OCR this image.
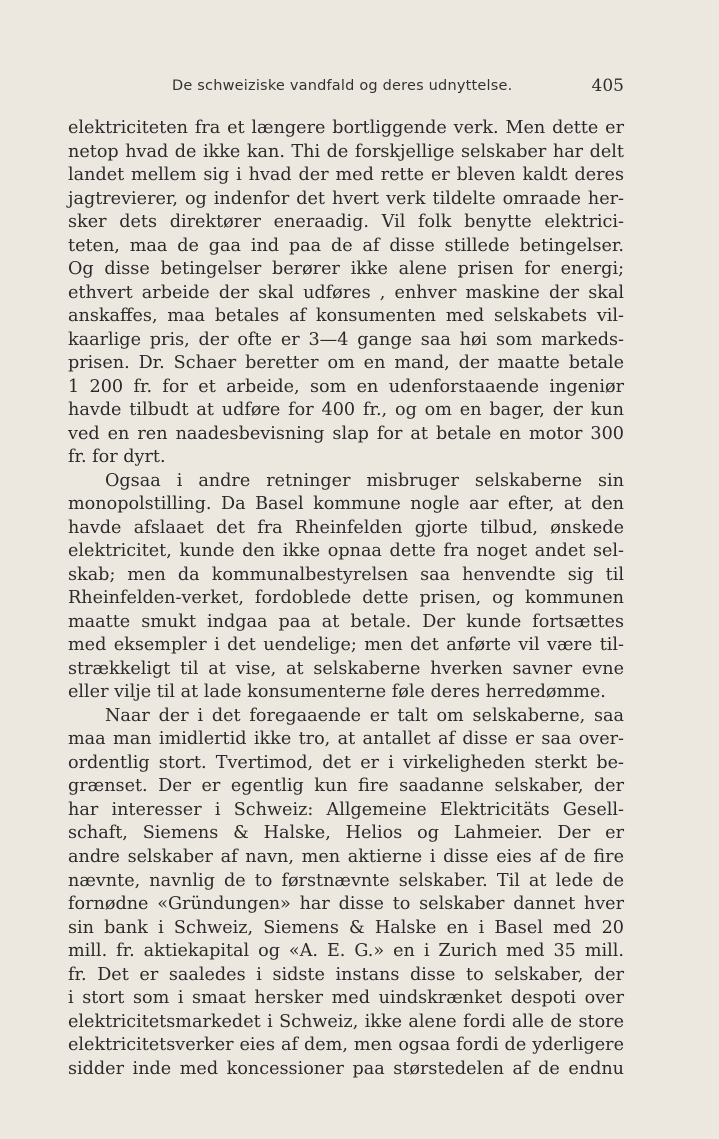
De schweiziske vandfald og deres udnyttelse.	405
elektriciteten fra et længere bortliggende verk. Men dette er
netop hvad de ikke kan. Thi de forskjellige selskaber har delt
landet mellem sig i hvad der med rette er bleven kaldt deres
jagtrevierer, og indenfor det hvert verk tildelte omraade her-
sker dets direktører eneraadig. Vil folk benytte elektrici-
teten, maa de gaa ind paa de af disse stillede betingelser.
Og disse betingelser berører ikke alene prisen for energi;
ethvert arbeide der skal udføres , enhver maskine der skal
anskaffes, maa betales af konsumenten med selskabets vil-
kaarlige pris, der ofte er 3—4 gange saa høi som markeds-
prisen. Dr. Schaer beretter om en mand, der maatte betale
1 200 fr. for et arbeide, som en udenforstaaende ingeniør
havde tilbudt at udføre for 400 fr., og om en bager, der kun
ved en ren naadesbevisning slap for at betale en motor 300
fr. for dyrt.
Ogsaa i andre retninger misbruger selskaberne sin
monopolstilling. Da Basel kommune nogle aar efter, at den
havde afslaaet det fra Rheinfelden gjorte tilbud, ønskede
elektricitet, kunde den ikke opnaa dette fra noget andet sel-
skab; men da kommunalbestyrelsen saa henvendte sig til
Rheinfelden-verket, fordoblede dette prisen, og kommunen
maatte smukt indgaa paa at betale. Der kunde fortsættes
med eksempler i det uendelige; men det anførte vil være til-
strækkeligt til at vise, at selskaberne hverken savner evne
eller vilje til at lade konsumenterne føle deres herredømme.
Naar der i det foregaaende er talt om selskaberne, saa
maa man imidlertid ikke tro, at antallet af disse er saa over-
ordentlig stort. Tvertimod, det er i virkeligheden sterkt be-
grænset. Der er egentlig kun fire saadanne selskaber, der
har interesser i Schweiz: Allgemeine Elektricitäts Gesell-
schaft, Siemens & Halske, Helios og Lahmeier. Der er
andre selskaber af navn, men aktierne i disse eies af de fire
nævnte, navnlig de to førstnævnte selskaber. Til at lede de
fornødne «Gründungen» har disse to selskaber dannet hver
sin bank i Schweiz, Siemens & Halske en i Basel med 20
mill. fr. aktiekapital og «A. E. G.» en i Zurich med 35 mill.
fr. Det er saaledes i sidste instans disse to selskaber, der
i stort som i smaat hersker med uindskrænket despoti over
elektricitetsmarkedet i Schweiz, ikke alene fordi alle de store
elektricitetsverker eies af dem, men ogsaa fordi de yderligere
sidder inde med koncessioner paa størstedelen af de endnu
